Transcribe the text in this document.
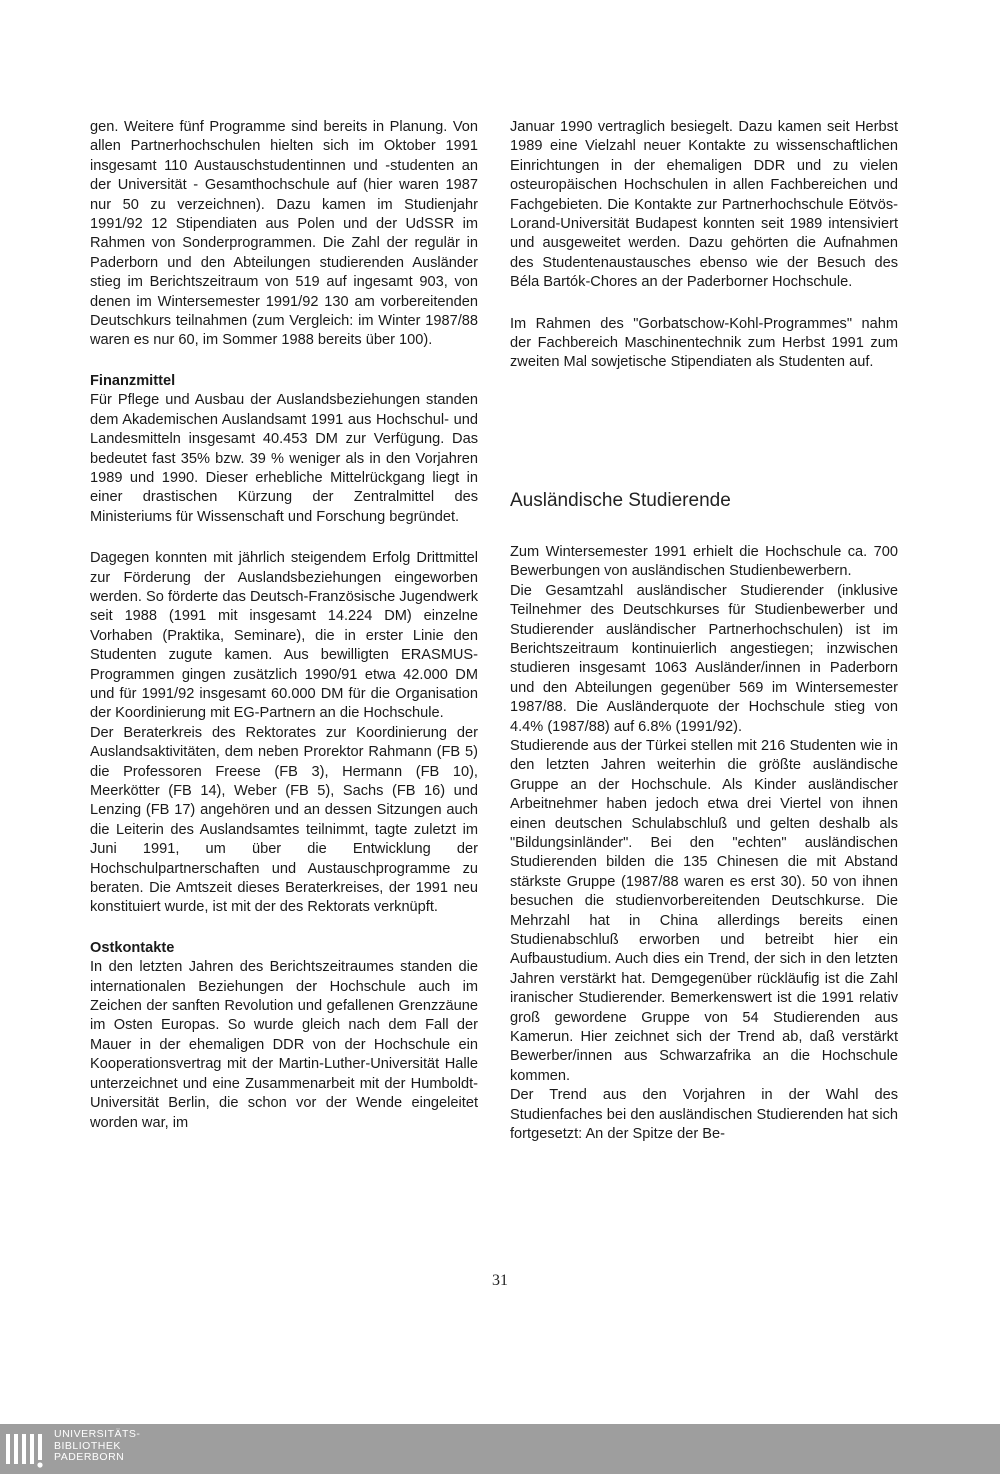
gen. Weitere fünf Programme sind bereits in Planung. Von allen Partnerhochschulen hielten sich im Oktober 1991 insgesamt 110 Austauschstudentinnen und -studenten an der Universität - Gesamthochschule auf (hier waren 1987 nur 50 zu verzeichnen). Dazu kamen im Studienjahr 1991/92 12 Stipendiaten aus Polen und der UdSSR im Rahmen von Sonderprogrammen. Die Zahl der regulär in Paderborn und den Abteilungen studierenden Ausländer stieg im Berichtszeitraum von 519 auf ingesamt 903, von denen im Wintersemester 1991/92 130 am vorbereitenden Deutschkurs teilnahmen (zum Vergleich: im Winter 1987/88 waren es nur 60, im Sommer 1988 bereits über 100).

Finanzmittel

Für Pflege und Ausbau der Auslandsbeziehungen standen dem Akademischen Auslandsamt 1991 aus Hochschul- und Landesmitteln insgesamt 40.453 DM zur Verfügung. Das bedeutet fast 35% bzw. 39 % weniger als in den Vorjahren 1989 und 1990. Dieser erhebliche Mittelrückgang liegt in einer drastischen Kürzung der Zentralmittel des Ministeriums für Wissenschaft und Forschung begründet.

Dagegen konnten mit jährlich steigendem Erfolg Drittmittel zur Förderung der Auslandsbeziehungen eingeworben werden. So förderte das Deutsch-Französische Jugendwerk seit 1988 (1991 mit insgesamt 14.224 DM) einzelne Vorhaben (Praktika, Seminare), die in erster Linie den Studenten zugute kamen. Aus bewilligten ERASMUS-Programmen gingen zusätzlich 1990/91 etwa 42.000 DM und für 1991/92 insgesamt 60.000 DM für die Organisation der Koordinierung mit EG-Partnern an die Hochschule.

Der Beraterkreis des Rektorates zur Koordinierung der Auslandsaktivitäten, dem neben Prorektor Rahmann (FB 5) die Professoren Freese (FB 3), Hermann (FB 10), Meerkötter (FB 14), Weber (FB 5), Sachs (FB 16) und Lenzing (FB 17) angehören und an dessen Sitzungen auch die Leiterin des Auslandsamtes teilnimmt, tagte zuletzt im Juni 1991, um über die Entwicklung der Hochschulpartnerschaften und Austauschprogramme zu beraten. Die Amtszeit dieses Beraterkreises, der 1991 neu konstituiert wurde, ist mit der des Rektorats verknüpft.

Ostkontakte

In den letzten Jahren des Berichtszeitraumes standen die internationalen Beziehungen der Hochschule auch im Zeichen der sanften Revolution und gefallenen Grenzzäune im Osten Europas. So wurde gleich nach dem Fall der Mauer in der ehemaligen DDR von der Hochschule ein Kooperationsvertrag mit der Martin-Luther-Universität Halle unterzeichnet und eine Zusammenarbeit mit der Humboldt-Universität Berlin, die schon vor der Wende eingeleitet worden war, im

Januar 1990 vertraglich besiegelt. Dazu kamen seit Herbst 1989 eine Vielzahl neuer Kontakte zu wissenschaftlichen Einrichtungen in der ehemaligen DDR und zu vielen osteuropäischen Hochschulen in allen Fachbereichen und Fachgebieten. Die Kontakte zur Partnerhochschule Eötvös-Lorand-Universität Budapest konnten seit 1989 intensiviert und ausgeweitet werden. Dazu gehörten die Aufnahmen des Studentenaustausches ebenso wie der Besuch des Béla Bartók-Chores an der Paderborner Hochschule.

Im Rahmen des "Gorbatschow-Kohl-Programmes" nahm der Fachbereich Maschinentechnik zum Herbst 1991 zum zweiten Mal sowjetische Stipendiaten als Studenten auf.

Ausländische Studierende

Zum Wintersemester 1991 erhielt die Hochschule ca. 700 Bewerbungen von ausländischen Studienbewerbern.

Die Gesamtzahl ausländischer Studierender (inklusive Teilnehmer des Deutschkurses für Studienbewerber und Studierender ausländischer Partnerhochschulen) ist im Berichtszeitraum kontinuierlich angestiegen; inzwischen studieren insgesamt 1063 Ausländer/innen in Paderborn und den Abteilungen gegenüber 569 im Wintersemester 1987/88. Die Ausländerquote der Hochschule stieg von 4.4% (1987/88) auf 6.8% (1991/92).

Studierende aus der Türkei stellen mit 216 Studenten wie in den letzten Jahren weiterhin die größte ausländische Gruppe an der Hochschule. Als Kinder ausländischer Arbeitnehmer haben jedoch etwa drei Viertel von ihnen einen deutschen Schulabschluß und gelten deshalb als "Bildungsinländer". Bei den "echten" ausländischen Studierenden bilden die 135 Chinesen die mit Abstand stärkste Gruppe (1987/88 waren es erst 30). 50 von ihnen besuchen die studienvorbereitenden Deutschkurse. Die Mehrzahl hat in China allerdings bereits einen Studienabschluß erworben und betreibt hier ein Aufbaustudium. Auch dies ein Trend, der sich in den letzten Jahren verstärkt hat. Demgegenüber rückläufig ist die Zahl iranischer Studierender. Bemerkenswert ist die 1991 relativ groß gewordene Gruppe von 54 Studierenden aus Kamerun. Hier zeichnet sich der Trend ab, daß verstärkt Bewerber/innen aus Schwarzafrika an die Hochschule kommen.

Der Trend aus den Vorjahren in der Wahl des Studienfaches bei den ausländischen Studierenden hat sich fortgesetzt: An der Spitze der Be-

31
UNIVERSITÄTS-
BIBLIOTHEK
PADERBORN
